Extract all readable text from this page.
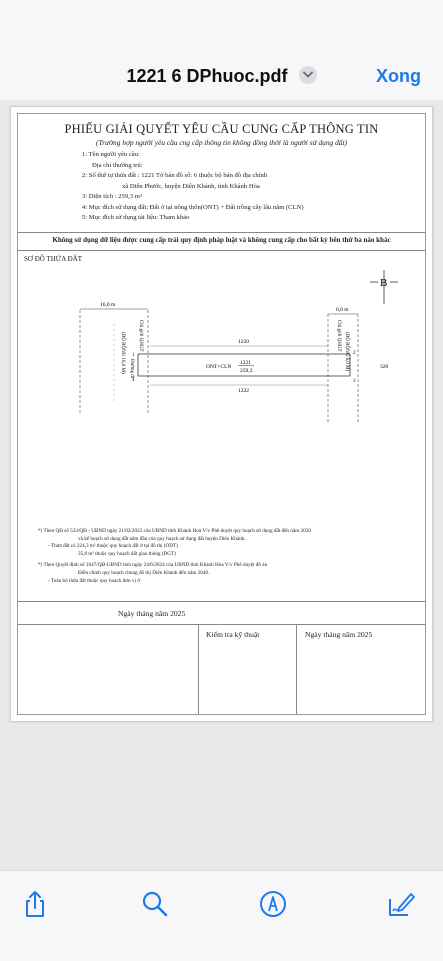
1221 6 DPhuoc.pdf	Xong
PHIẾU GIẢI QUYẾT YÊU CẦU CUNG CẤP THÔNG TIN
(Trường hợp người yêu cầu cng cấp thông tin không đồng thời là người sử dụng đất)
1: Tên người yêu cầu:
Địa chỉ thường trú:
2: Số thứ tự thửa đất : 1221 Tờ bản đồ số: 6 thuộc bộ bản đồ địa chính
xã Diên Phước, huyện Diên Khánh, tỉnh Khánh Hòa
3: Diện tích : 259,3 m²
4: Mục đích sử dụng đất: Đất ở tại nông thôn(ONT) + Đất trồng cây lâu năm (CLN)
5: Mục đích sử dụng tài liệu: Tham khảo
Không sử dụng dữ liệu được cung cấp trái quy định pháp luật và không cung cấp cho bất kỳ bên thứ ba nào khác
SƠ ĐỒ THỬA ĐẤT
B
16,0 m
6,0 m
Đường đi
(ĐỘ RỘNG 16,0 M)	Chỉ giới QHGT	Chỉ giới QHGT (ĐỘ RỘNG 6,0 M)
1220
1221
259,3
ONT+CLN
1222
320
1
4
2
3
*) Theo QĐ số 533/QĐ - UBND ngày 21/02/2022 của UBND tỉnh Khánh Hoà V/v Phê duyệt quy hoạch sử dụng đất đến năm 2030
và kế hoạch sử dụng đất năm đầu của quy hoạch sử dụng đất huyện Diên Khánh.
- Thửa đất có 224,3 m² thuộc quy hoạch đất ở tại đô thị (ODT)
35,0 m² thuộc quy hoạch đất giao thông (DGT)
*) Theo Quyết định số 1647/QĐ-UBND tỉnh ngày 24/6/2024 của UBND tỉnh Khánh Hòa V/v Phê duyệt đồ án
Điều chỉnh quy hoạch chung đô thị Diên Khánh đến năm 2040.
- Toàn bộ thửa đất thuộc quy hoạch đơn vị ở
Ngày tháng năm 2025
Kiểm tra kỹ thuật	Ngày tháng năm 2025
